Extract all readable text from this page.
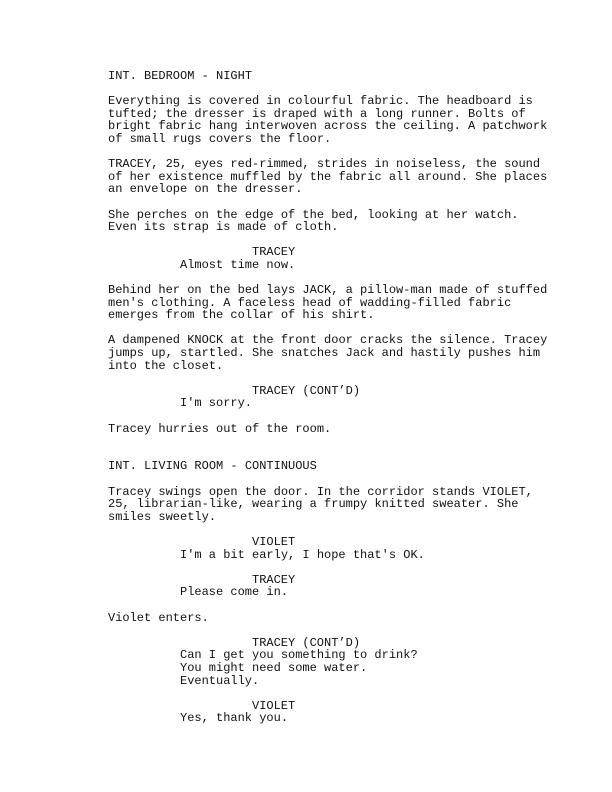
INT. BEDROOM - NIGHT
Everything is covered in colourful fabric. The headboard is
tufted; the dresser is draped with a long runner. Bolts of
bright fabric hang interwoven across the ceiling. A patchwork
of small rugs covers the floor.
TRACEY, 25, eyes red-rimmed, strides in noiseless, the sound
of her existence muffled by the fabric all around. She places
an envelope on the dresser.
She perches on the edge of the bed, looking at her watch.
Even its strap is made of cloth.
TRACEY
Almost time now.
Behind her on the bed lays JACK, a pillow-man made of stuffed
men's clothing. A faceless head of wadding-filled fabric
emerges from the collar of his shirt.
A dampened KNOCK at the front door cracks the silence. Tracey
jumps up, startled. She snatches Jack and hastily pushes him
into the closet.
TRACEY (CONT’D)
I'm sorry.
Tracey hurries out of the room.
INT. LIVING ROOM - CONTINUOUS
Tracey swings open the door. In the corridor stands VIOLET,
25, librarian-like, wearing a frumpy knitted sweater. She
smiles sweetly.
VIOLET
I'm a bit early, I hope that's OK.
TRACEY
Please come in.
Violet enters.
TRACEY (CONT’D)
Can I get you something to drink?
You might need some water.
Eventually.
VIOLET
Yes, thank you.
